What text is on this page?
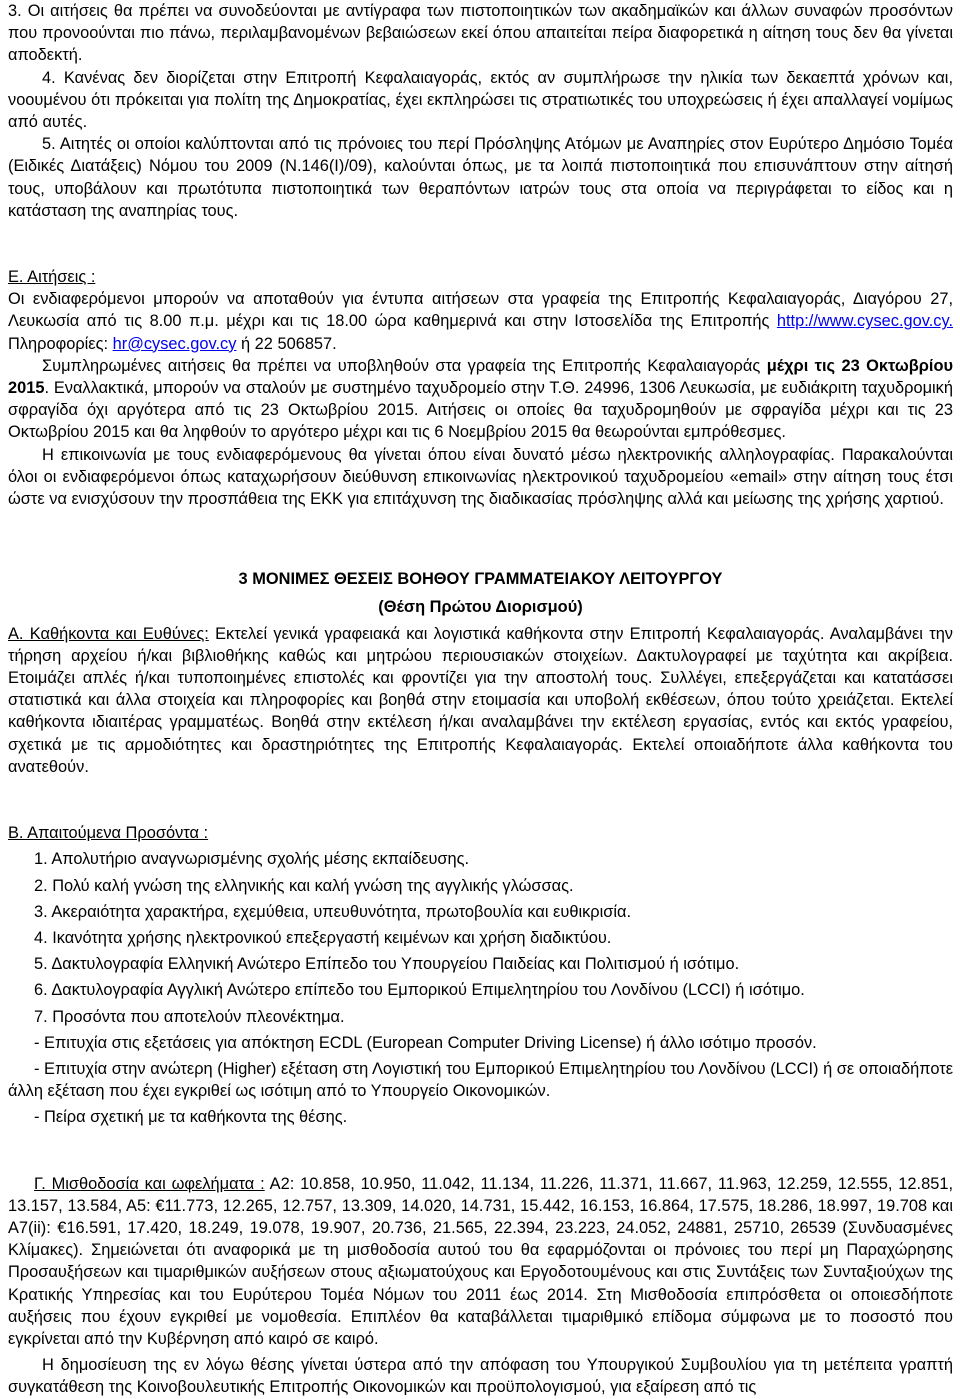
3. Οι αιτήσεις θα πρέπει να συνοδεύονται με αντίγραφα των πιστοποιητικών των ακαδημαϊκών και άλλων συναφών προσόντων που προνοούνται πιο πάνω, περιλαμβανομένων βεβαιώσεων εκεί όπου απαιτείται πείρα διαφορετικά η αίτηση τους δεν θα γίνεται αποδεκτή.

4. Κανένας δεν διορίζεται στην Επιτροπή Κεφαλαιαγοράς, εκτός αν συμπλήρωσε την ηλικία των δεκαεπτά χρόνων και, νοουμένου ότι πρόκειται για πολίτη της Δημοκρατίας, έχει εκπληρώσει τις στρατιωτικές του υποχρεώσεις ή έχει απαλλαγεί νομίμως από αυτές.

5. Αιτητές οι οποίοι καλύπτονται από τις πρόνοιες του περί Πρόσληψης Ατόμων με Αναπηρίες στον Ευρύτερο Δημόσιο Τομέα (Ειδικές Διατάξεις) Νόμου του 2009 (Ν.146(Ι)/09), καλούνται όπως, με τα λοιπά πιστοποιητικά που επισυνάπτουν στην αίτησή τους, υποβάλουν και πρωτότυπα πιστοποιητικά των θεραπόντων ιατρών τους στα οποία να περιγράφεται το είδος και η κατάσταση της αναπηρίας τους.

Ε. Αιτήσεις :

Οι ενδιαφερόμενοι μπορούν να αποταθούν για έντυπα αιτήσεων στα γραφεία της Επιτροπής Κεφαλαιαγοράς, Διαγόρου 27, Λευκωσία από τις 8.00 π.μ. μέχρι και τις 18.00 ώρα καθημερινά και στην Ιστοσελίδα της Επιτροπής http://www.cysec.gov.cy. Πληροφορίες: hr@cysec.gov.cy ή 22 506857.

Συμπληρωμένες αιτήσεις θα πρέπει να υποβληθούν στα γραφεία της Επιτροπής Κεφαλαιαγοράς μέχρι τις 23 Οκτωβρίου 2015. Εναλλακτικά, μπορούν να σταλούν με συστημένο ταχυδρομείο στην Τ.Θ. 24996, 1306 Λευκωσία, με ευδιάκριτη ταχυδρομική σφραγίδα όχι αργότερα από τις 23 Οκτωβρίου 2015. Αιτήσεις οι οποίες θα ταχυδρομηθούν με σφραγίδα μέχρι και τις 23 Οκτωβρίου 2015 και θα ληφθούν το αργότερο μέχρι και τις 6 Νοεμβρίου 2015 θα θεωρούνται εμπρόθεσμες.

Η επικοινωνία με τους ενδιαφερόμενους θα γίνεται όπου είναι δυνατό μέσω ηλεκτρονικής αλληλογραφίας. Παρακαλούνται όλοι οι ενδιαφερόμενοι όπως καταχωρήσουν διεύθυνση επικοινωνίας ηλεκτρονικού ταχυδρομείου «email» στην αίτηση τους έτσι ώστε να ενισχύσουν την προσπάθεια της ΕΚΚ για επιτάχυνση της διαδικασίας πρόσληψης αλλά και μείωσης της χρήσης χαρτιού.

3 ΜΟΝΙΜΕΣ ΘΕΣΕΙΣ ΒΟΗΘΟΥ ΓΡΑΜΜΑΤΕΙΑΚΟΥ ΛΕΙΤΟΥΡΓΟΥ

(Θέση Πρώτου Διορισμού)

Α. Καθήκοντα και Ευθύνες: Εκτελεί γενικά γραφειακά και λογιστικά καθήκοντα στην Επιτροπή Κεφαλαιαγοράς. Αναλαμβάνει την τήρηση αρχείου ή/και βιβλιοθήκης καθώς και μητρώου περιουσιακών στοιχείων. Δακτυλογραφεί με ταχύτητα και ακρίβεια. Ετοιμάζει απλές ή/και τυποποιημένες επιστολές και φροντίζει για την αποστολή τους. Συλλέγει, επεξεργάζεται και κατατάσσει στατιστικά και άλλα στοιχεία και πληροφορίες και βοηθά στην ετοιμασία και υποβολή εκθέσεων, όπου τούτο χρειάζεται. Εκτελεί καθήκοντα ιδιαιτέρας γραμματέως. Βοηθά στην εκτέλεση ή/και αναλαμβάνει την εκτέλεση εργασίας, εντός και εκτός γραφείου, σχετικά με τις αρμοδιότητες και δραστηριότητες της Επιτροπής Κεφαλαιαγοράς. Εκτελεί οποιαδήποτε άλλα καθήκοντα του ανατεθούν.

Β. Απαιτούμενα Προσόντα :

1. Απολυτήριο αναγνωρισμένης σχολής μέσης εκπαίδευσης.

2. Πολύ καλή γνώση της ελληνικής και καλή γνώση της αγγλικής γλώσσας.

3. Ακεραιότητα χαρακτήρα, εχεμύθεια, υπευθυνότητα, πρωτοβουλία και ευθικρισία.

4. Ικανότητα χρήσης ηλεκτρονικού επεξεργαστή κειμένων και χρήση διαδικτύου.

5. Δακτυλογραφία Ελληνική Ανώτερο Επίπεδο του Υπουργείου Παιδείας και Πολιτισμού ή ισότιμο.

6. Δακτυλογραφία Αγγλική Ανώτερο επίπεδο του Εμπορικού Επιμελητηρίου του Λονδίνου (LCCI) ή ισότιμο.

7. Προσόντα που αποτελούν πλεονέκτημα.

- Επιτυχία στις εξετάσεις για απόκτηση ECDL (European Computer Driving License) ή άλλο ισότιμο προσόν.

- Επιτυχία στην ανώτερη (Higher) εξέταση στη Λογιστική του Εμπορικού Επιμελητηρίου του Λονδίνου (LCCI) ή σε οποιαδήποτε άλλη εξέταση που έχει εγκριθεί ως ισότιμη από το Υπουργείο Οικονομικών.

- Πείρα σχετική με τα καθήκοντα της θέσης.

Γ. Μισθοδοσία και ωφελήματα : Α2: 10.858, 10.950, 11.042, 11.134, 11.226, 11.371, 11.667, 11.963, 12.259, 12.555, 12.851, 13.157, 13.584, Α5: €11.773, 12.265, 12.757, 13.309, 14.020, 14.731, 15.442, 16.153, 16.864, 17.575, 18.286, 18.997, 19.708 και Α7(ii): €16.591, 17.420, 18.249, 19.078, 19.907, 20.736, 21.565, 22.394, 23.223, 24.052, 24881, 25710, 26539 (Συνδυασμένες Κλίμακες). Σημειώνεται ότι αναφορικά με τη μισθοδοσία αυτού του θα εφαρμόζονται οι πρόνοιες του περί μη Παραχώρησης Προσαυξήσεων και τιμαριθμικών αυξήσεων στους αξιωματούχους και Εργοδοτουμένους και στις Συντάξεις των Συνταξιούχων της Κρατικής Υπηρεσίας και του Ευρύτερου Τομέα Νόμων του 2011 έως 2014. Στη Μισθοδοσία επιπρόσθετα οι οποιεσδήποτε αυξήσεις που έχουν εγκριθεί με νομοθεσία. Επιπλέον θα καταβάλλεται τιμαριθμικό επίδομα σύμφωνα με το ποσοστό που εγκρίνεται από την Κυβέρνηση από καιρό σε καιρό.

Η δημοσίευση της εν λόγω θέσης γίνεται ύστερα από την απόφαση του Υπουργικού Συμβουλίου για τη μετέπειτα γραπτή συγκατάθεση της Κοινοβουλευτικής Επιτροπής Οικονομικών και προϋπολογισμού, για εξαίρεση από τις
